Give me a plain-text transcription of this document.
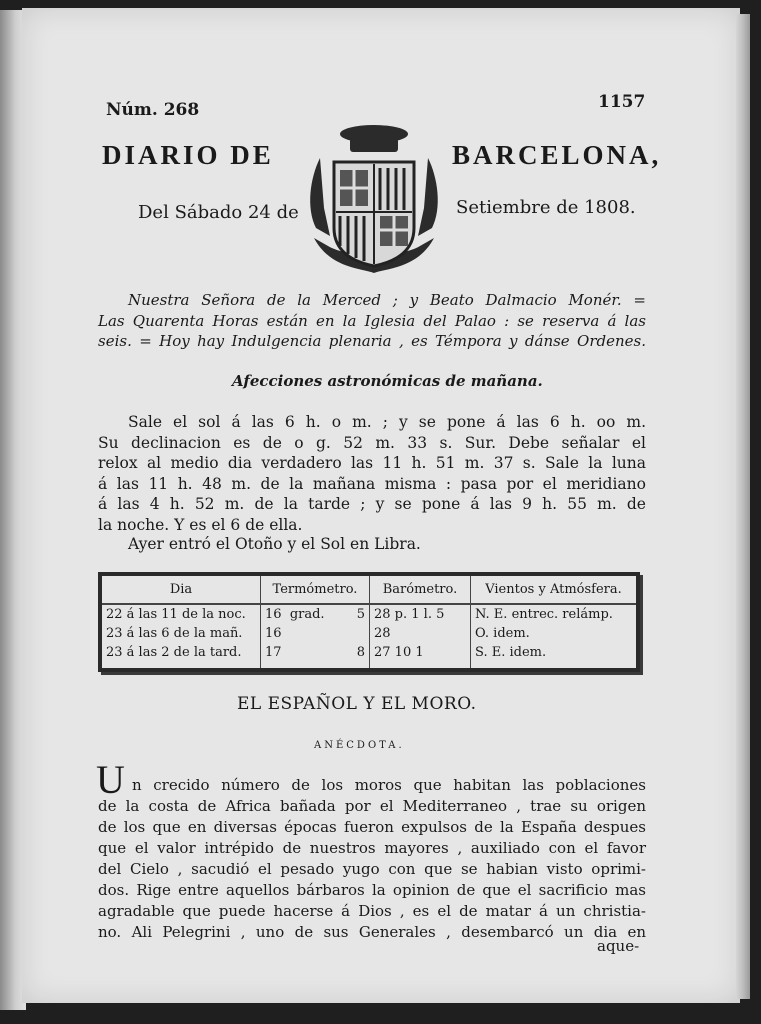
Núm. 268	1157
DIARIO DE	BARCELONA,
Del Sábado 24 de	Setiembre de 1808.
Nuestra Señora de la Merced ; y Beato Dalmacio Monér. =
Las Quarenta Horas están en la Iglesia del Palao : se reserva á las
seis. = Hoy hay Indulgencia plenaria , es Témpora y dánse Ordenes.
Afecciones astronómicas de mañana.
Sale el sol á las 6 h. o m. ; y se pone á las 6 h. oo m.
Su declinacion es de o g. 52 m. 33 s. Sur. Debe señalar el
relox al medio dia verdadero las 11 h. 51 m. 37 s. Sale la luna
á las 11 h. 48 m. de la mañana misma : pasa por el meridiano
á las 4 h. 52 m. de la tarde ; y se pone á las 9 h. 55 m. de
la noche. Y es el 6 de ella.
Ayer entró el Otoño y el Sol en Libra.
Dia	Termómetro.	Barómetro.	Vientos y Atmósfera.
22 á las 11 de la noc.	16 grad. 5	28 p. 1 l. 5	N. E. entrec. relámp.
23 á las 6 de la mañ.	16	28	O. idem.
23 á las 2 de la tard.	17 8	27 10 1	S. E. idem.
EL ESPAÑOL Y EL MORO.
ANÉCDOTA.
U n crecido número de los moros que habitan las poblaciones
de la costa de Africa bañada por el Mediterraneo , trae su origen
de los que en diversas épocas fueron expulsos de la España despues
que el valor intrépido de nuestros mayores , auxiliado con el favor
del Cielo , sacudió el pesado yugo con que se habian visto oprimi-
dos. Rige entre aquellos bárbaros la opinion de que el sacrificio mas
agradable que puede hacerse á Dios , es el de matar á un christia-
no. Ali Pelegrini , uno de sus Generales , desembarcó un dia en
aque-
